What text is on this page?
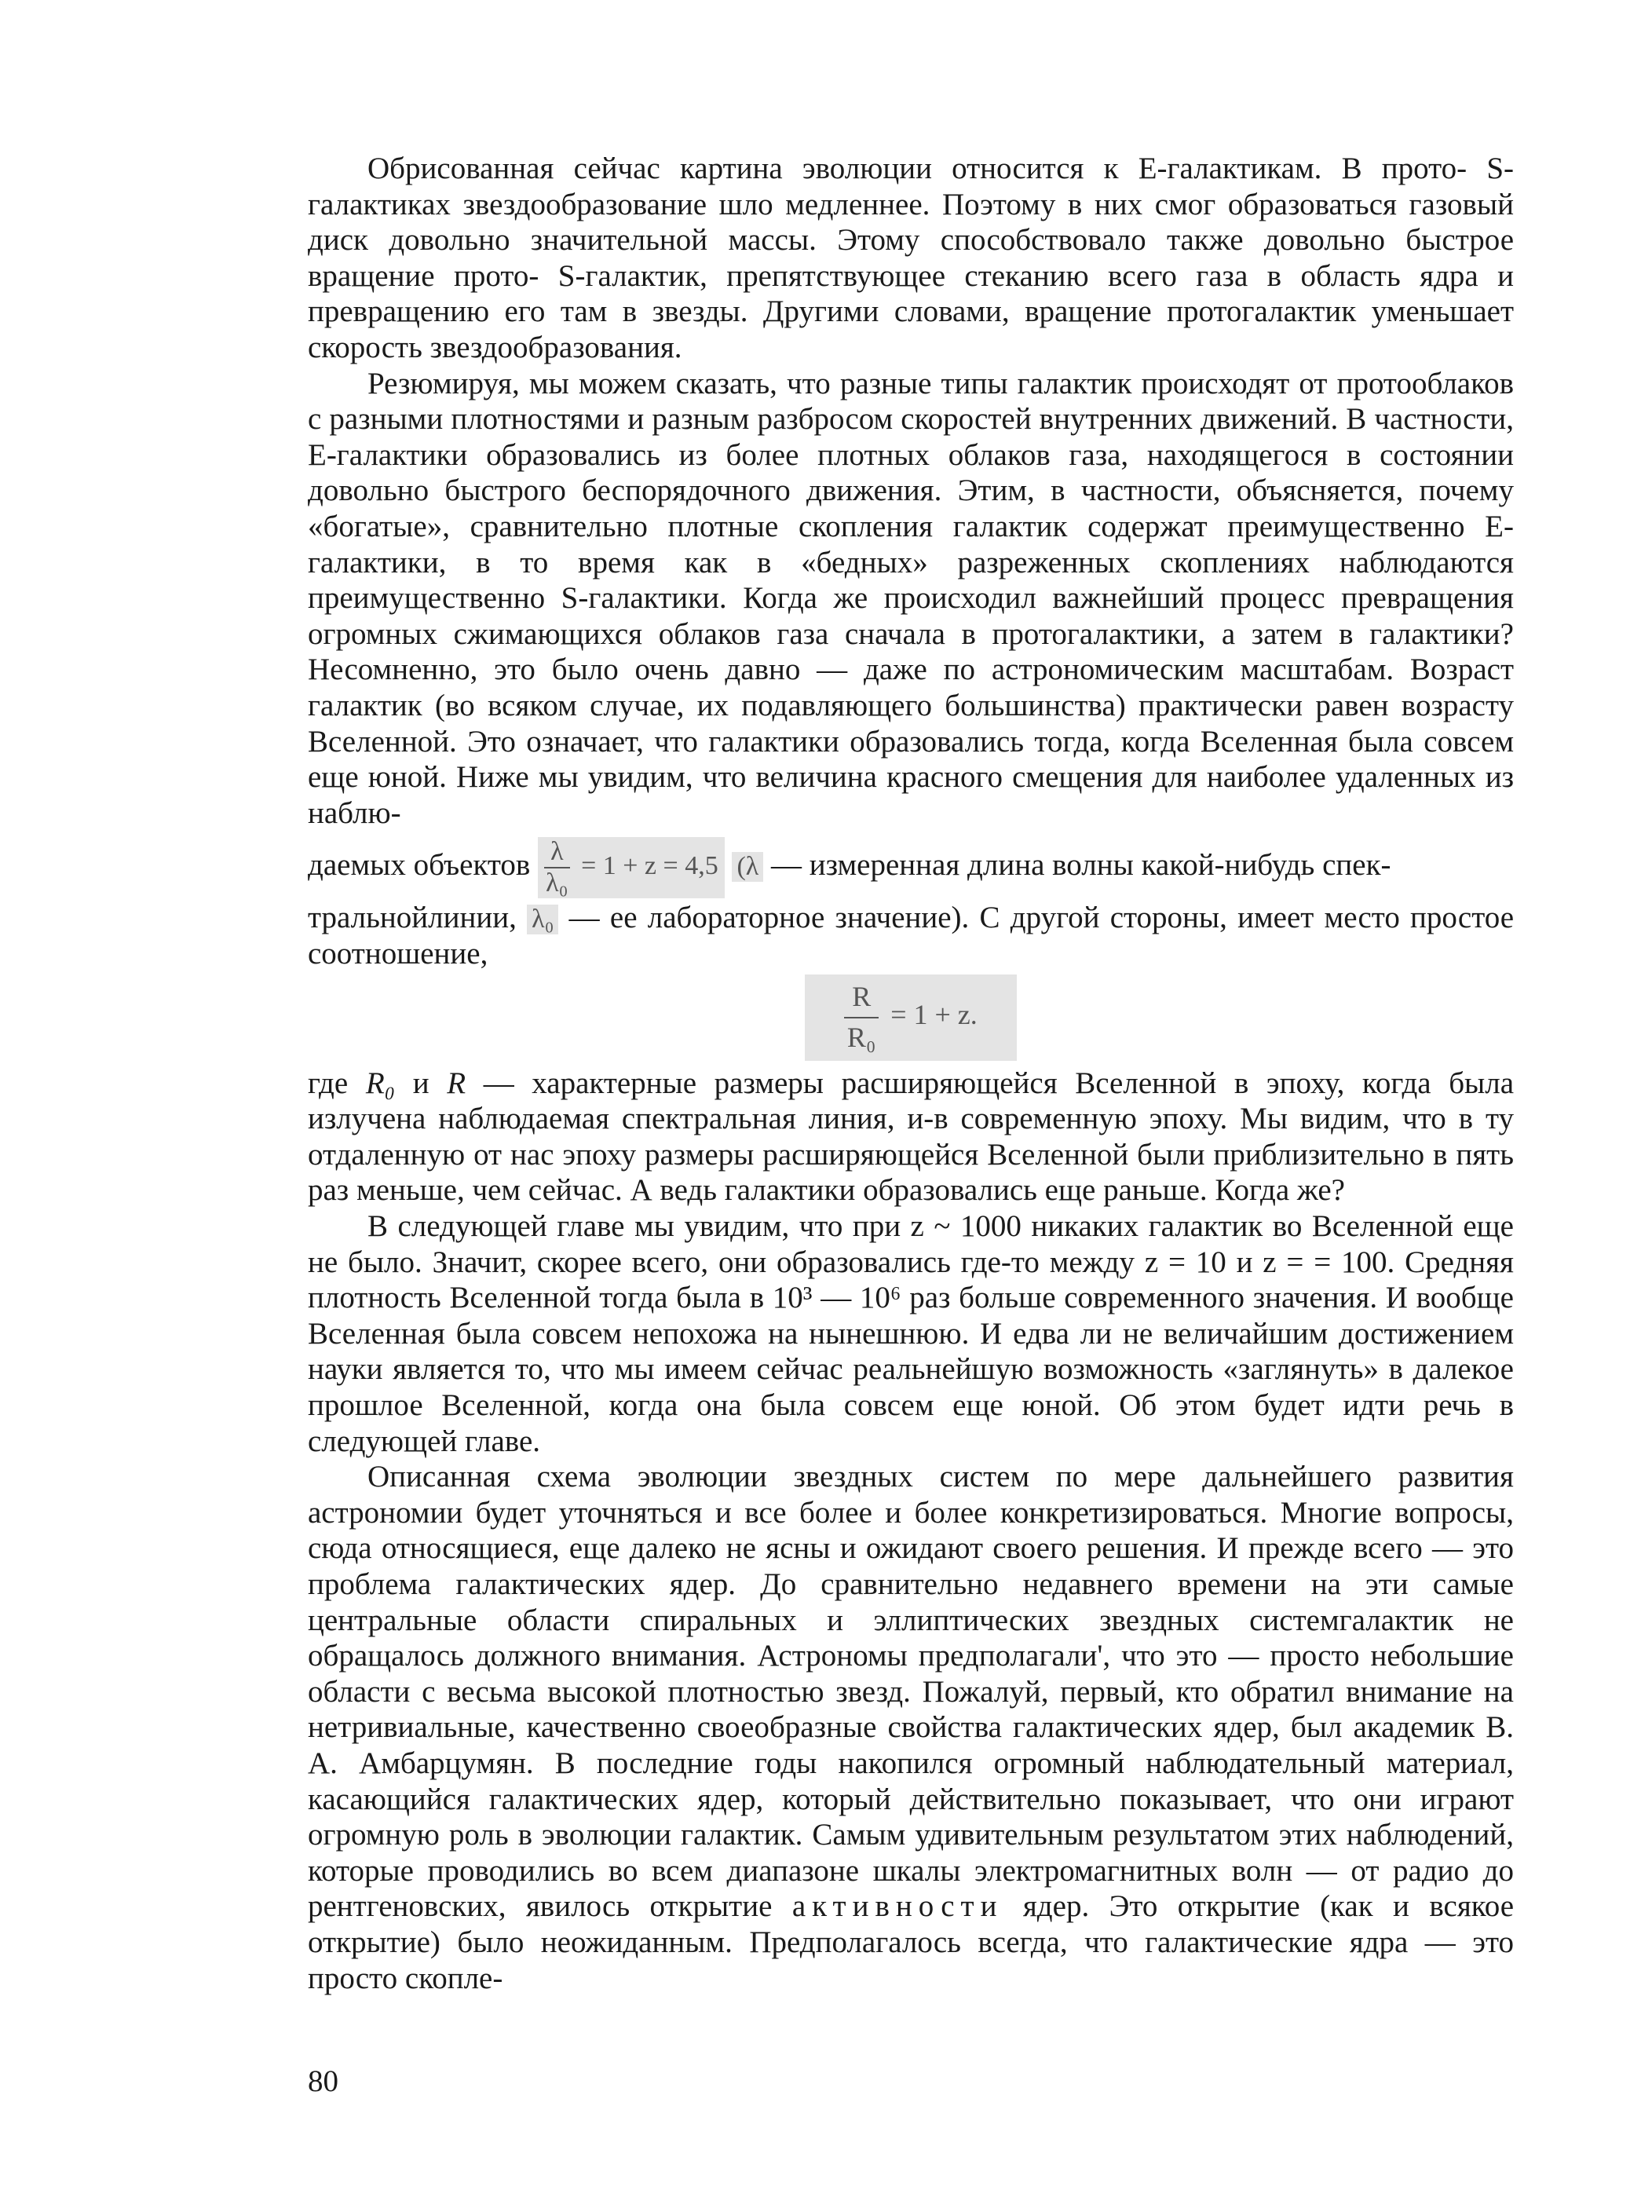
Обрисованная сейчас картина эволюции относится к Е-галактикам. В прото- S-галактиках звездообразование шло медленнее. Поэтому в них смог образоваться газовый диск довольно значительной массы. Этому способствовало также довольно быстрое вращение прото- S-галактик, препятствующее стеканию всего газа в область ядра и превращению его там в звезды. Другими словами, вращение протогалактик уменьшает скорость звездообразования.

Резюмируя, мы можем сказать, что разные типы галактик происходят от протооблаков с разными плотностями и разным разбросом скоростей внутренних движений. В частности, Е-галактики образовались из более плотных облаков газа, находящегося в состоянии довольно быстрого беспорядочного движения. Этим, в частности, объясняется, почему «богатые», сравнительно плотные скопления галактик содержат преимущественно Е-галактики, в то время как в «бедных» разреженных скоплениях наблюдаются преимущественно S-галактики. Когда же происходил важнейший процесс превращения огромных сжимающихся облаков газа сначала в протогалактики, а затем в галактики? Несомненно, это было очень давно — даже по астрономическим масштабам. Возраст галактик (во всяком случае, их подавляющего большинства) практически равен возрасту Вселенной. Это означает, что галактики образовались тогда, когда Вселенная была совсем еще юной. Ниже мы увидим, что величина красного смещения для наиболее удаленных из наблю-

даемых объектов $\frac{\lambda}{\text{λ₀}} = 1 + z = 4,5$ (λ — измеренная длина волны какой-нибудь спек-

тральнойлинии, λ₀ — ее лабораторное значение). С другой стороны, имеет место простое соотношение,

$\frac{R}{\text{R₀}} = 1 + z$.

где R₀ и R — характерные размеры расширяющейся Вселенной в эпоху, когда была излучена наблюдаемая спектральная линия, и-в современную эпоху. Мы видим, что в ту отдаленную от нас эпоху размеры расширяющейся Вселенной были приблизительно в пять раз меньше, чем сейчас. А ведь галактики образовались еще раньше. Когда же?

В следующей главе мы увидим, что при z ~ 1000 никаких галактик во Вселенной еще не было. Значит, скорее всего, они образовались где-то между z = 10 и z = = 100. Средняя плотность Вселенной тогда была в 10³ — 10⁶ раз больше современного значения. И вообще Вселенная была совсем непохожа на нынешнюю. И едва ли не величайшим достижением науки является то, что мы имеем сейчас реальнейшую возможность «заглянуть» в далекое прошлое Вселенной, когда она была совсем еще юной. Об этом будет идти речь в следующей главе.

Описанная схема эволюции звездных систем по мере дальнейшего развития астрономии будет уточняться и все более и более конкретизироваться. Многие вопросы, сюда относящиеся, еще далеко не ясны и ожидают своего решения. И прежде всего — это проблема галактических ядер. До сравнительно недавнего времени на эти самые центральные области спиральных и эллиптических звездных системгалактик не обращалось должного внимания. Астрономы предполагали', что это — просто небольшие области с весьма высокой плотностью звезд. Пожалуй, первый, кто обратил внимание на нетривиальные, качественно своеобразные свойства галактических ядер, был академик В. А. Амбарцумян. В последние годы накопился огромный наблюдательный материал, касающийся галактических ядер, который действительно показывает, что они играют огромную роль в эволюции галактик. Самым удивительным результатом этих наблюдений, которые проводились во всем диапазоне шкалы электромагнитных волн — от радио до рентгеновских, явилось открытие активности ядер. Это открытие (как и всякое открытие) было неожиданным. Предполагалось всегда, что галактические ядра — это просто скопле-

80
